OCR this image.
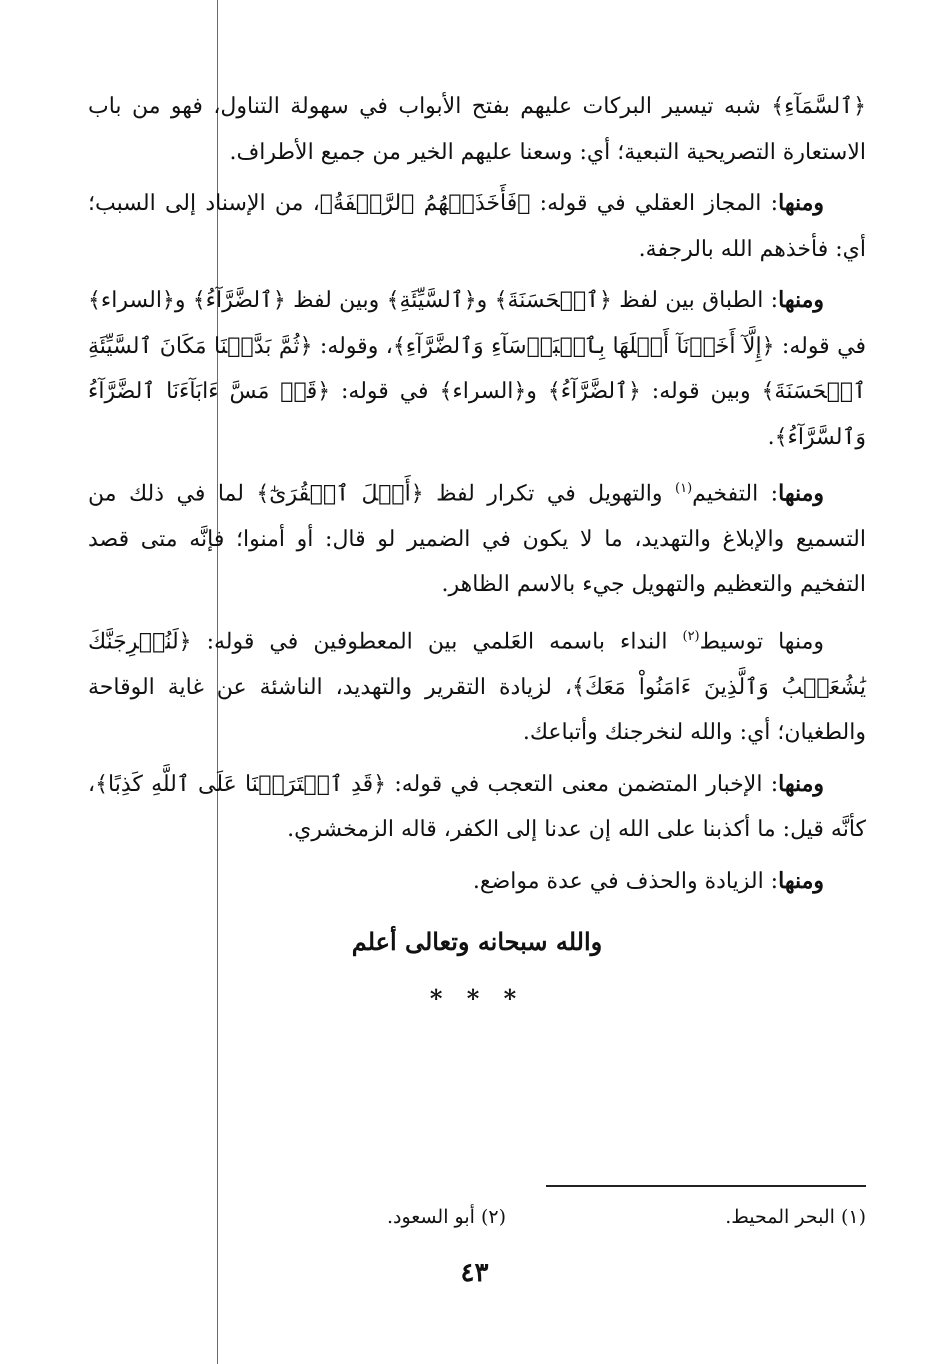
﴿ٱلسَّمَآءِ﴾ شبه تيسير البركات عليهم بفتح الأبواب في سهولة التناول، فهو من باب الاستعارة التصريحية التبعية؛ أي: وسعنا عليهم الخير من جميع الأطراف.

ومنها: المجاز العقلي في قوله: ﴿فَأَخَذَتۡهُمُ ٱلرَّجۡفَةُ﴾، من الإسناد إلى السبب؛ أي: فأخذهم الله بالرجفة.

ومنها: الطباق بين لفظ ﴿ٱلۡحَسَنَةَ﴾ و﴿ٱلسَّيِّئَةِ﴾ وبين لفظ ﴿ٱلضَّرَّآءُ﴾ و﴿السراء﴾ في قوله: ﴿إِلَّآ أَخَذۡنَآ أَهۡلَهَا بِٱلۡبَأۡسَآءِ وَٱلضَّرَّآءِ﴾، وقوله: ﴿ثُمَّ بَدَّلۡنَا مَكَانَ ٱلسَّيِّئَةِ ٱلۡحَسَنَةَ﴾ وبين قوله: ﴿ٱلضَّرَّآءُ﴾ و﴿السراء﴾ في قوله: ﴿قَدۡ مَسَّ ءَابَآءَنَا ٱلضَّرَّآءُ وَٱلسَّرَّآءُ﴾.

ومنها: التفخيم$^{(١)}$ والتهويل في تكرار لفظ ﴿أَهۡلَ ٱلۡقُرَىٰٓ﴾ لما في ذلك من التسميع والإبلاغ والتهديد، ما لا يكون في الضمير لو قال: أو أمنوا؛ فإنَّه متى قصد التفخيم والتعظيم والتهويل جيء بالاسم الظاهر.

ومنها توسيط$^{(٢)}$ النداء باسمه العَلمي بين المعطوفين في قوله: ﴿لَنُخۡرِجَنَّكَ يَٰشُعَيۡبُ وَٱلَّذِينَ ءَامَنُواْ مَعَكَ﴾، لزيادة التقرير والتهديد، الناشئة عن غاية الوقاحة والطغيان؛ أي: والله لنخرجنك وأتباعك.

ومنها: الإخبار المتضمن معنى التعجب في قوله: ﴿قَدِ ٱفۡتَرَيۡنَا عَلَى ٱللَّهِ كَذِبًا﴾، كأنَّه قيل: ما أكذبنا على الله إن عدنا إلى الكفر، قاله الزمخشري.

ومنها: الزيادة والحذف في عدة مواضع.

والله سبحانه وتعالى أعلم
* * *
(١) البحر المحيط.
(٢) أبو السعود.
٤٣
